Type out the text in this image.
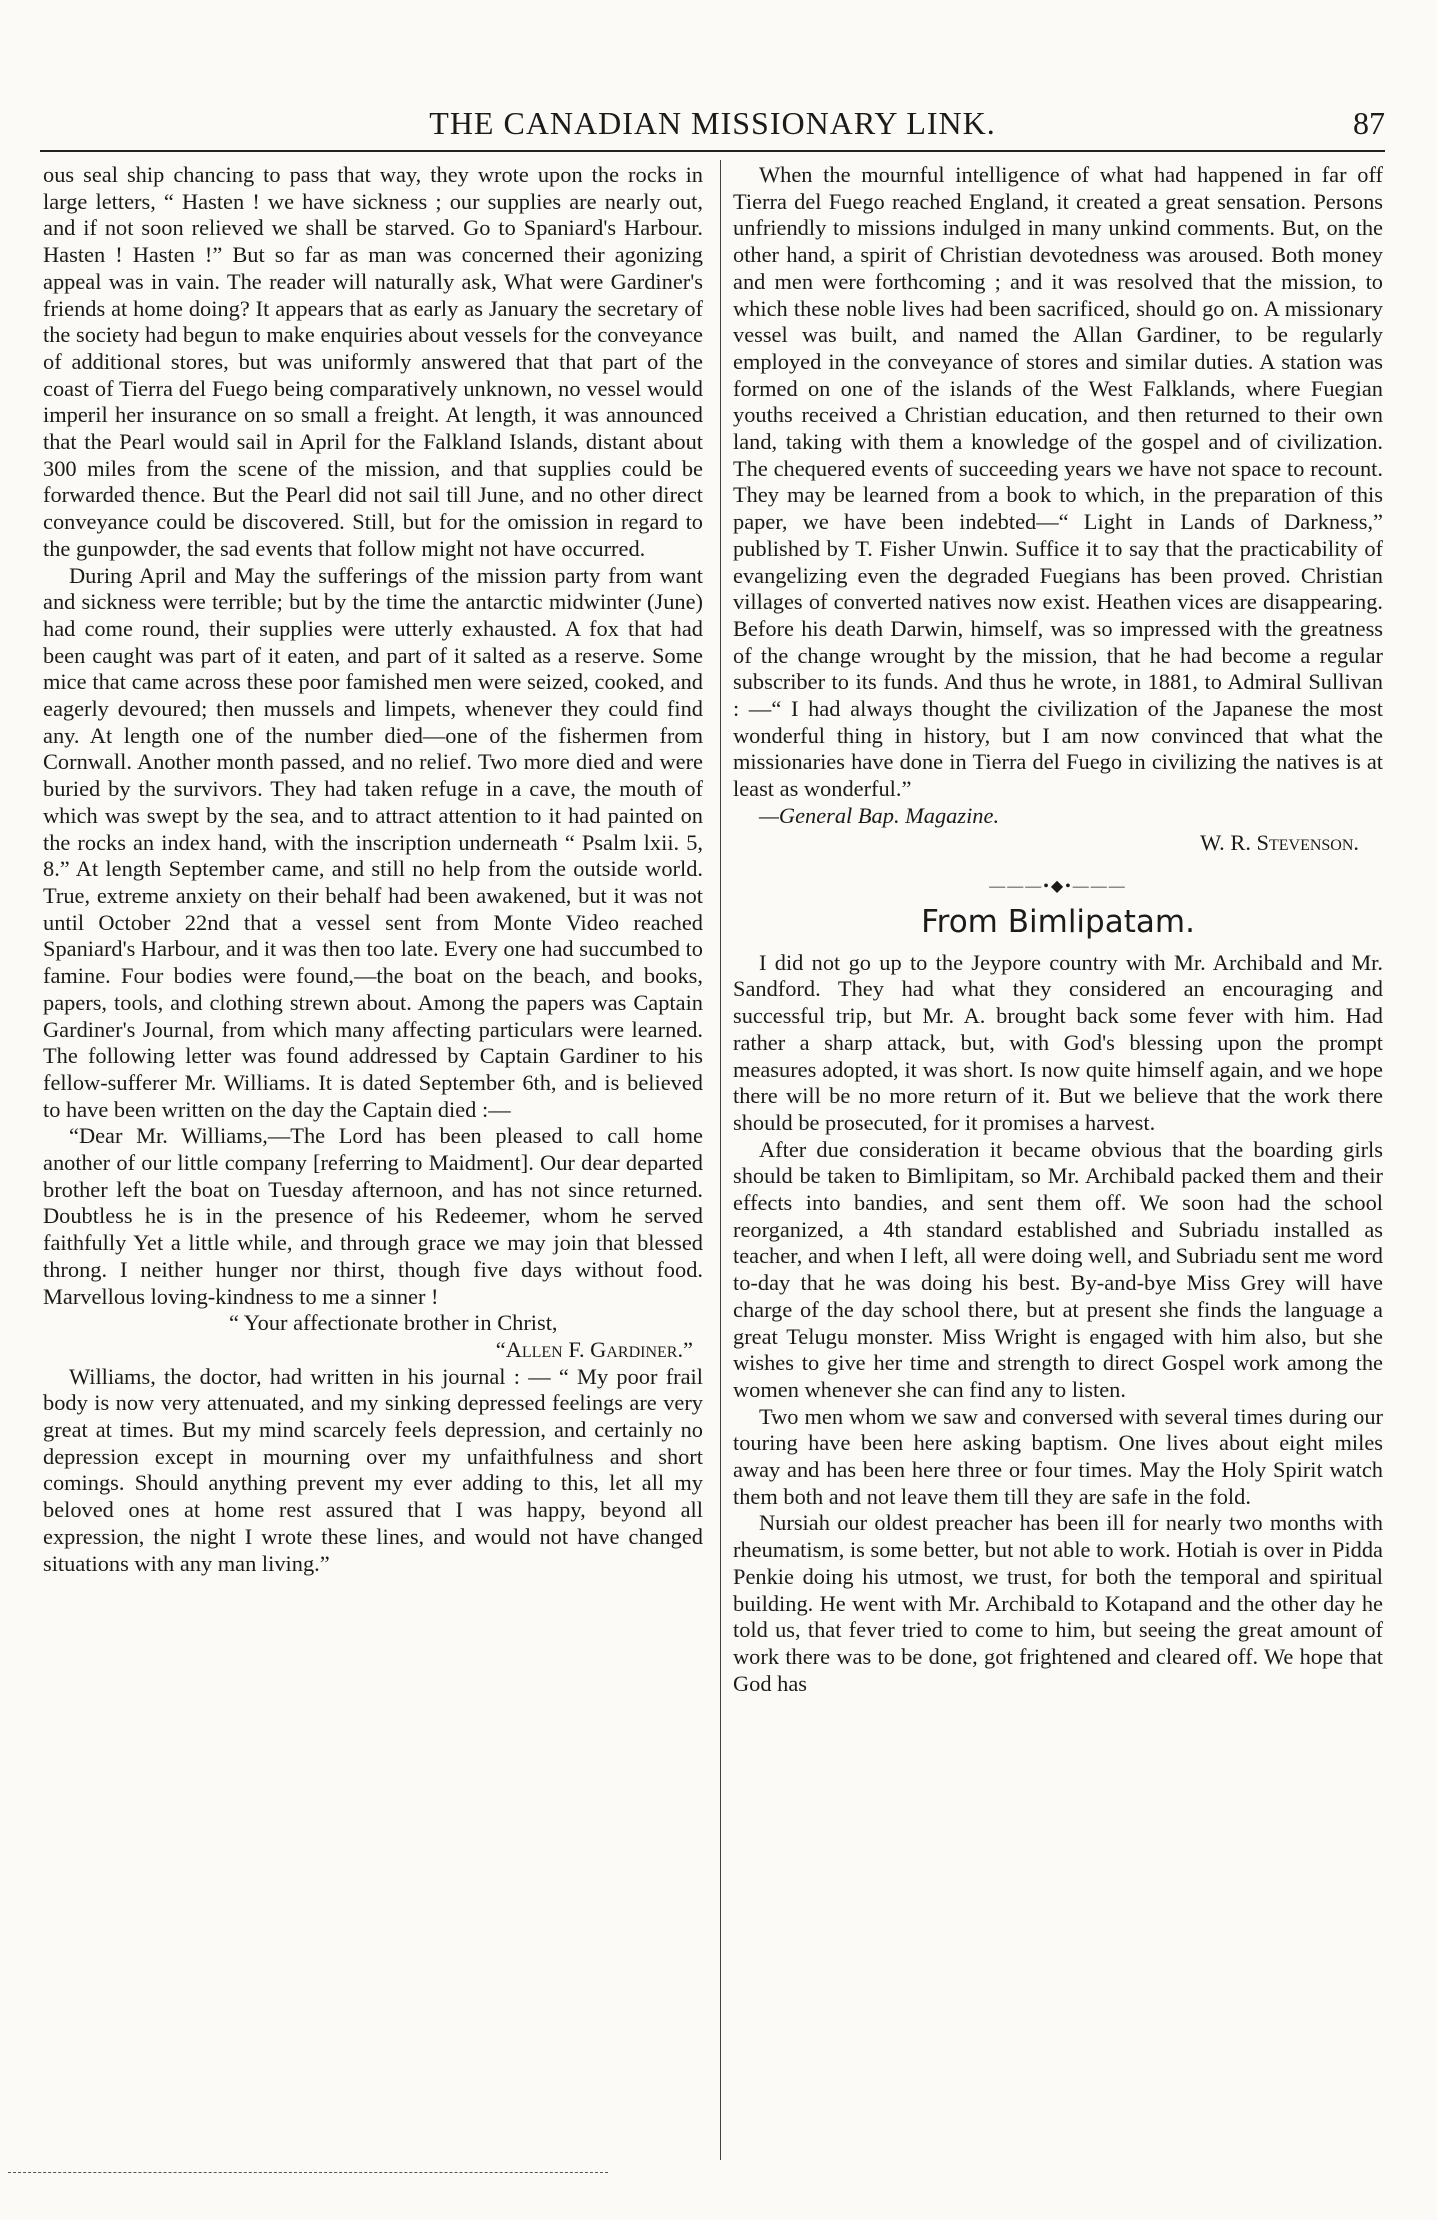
THE CANADIAN MISSIONARY LINK.	87

ous seal ship chancing to pass that way, they wrote upon the rocks in large letters, “ Hasten ! we have sickness ; our supplies are nearly out, and if not soon relieved we shall be starved. Go to Spaniard's Harbour. Hasten ! Hasten !” But so far as man was concerned their agonizing appeal was in vain. The reader will naturally ask, What were Gardiner's friends at home doing? It appears that as early as January the secretary of the society had begun to make enquiries about vessels for the conveyance of additional stores, but was uniformly answered that that part of the coast of Tierra del Fuego being comparatively unknown, no vessel would imperil her insurance on so small a freight. At length, it was announced that the Pearl would sail in April for the Falkland Islands, distant about 300 miles from the scene of the mission, and that supplies could be forwarded thence. But the Pearl did not sail till June, and no other direct conveyance could be discovered. Still, but for the omission in regard to the gunpowder, the sad events that follow might not have occurred.

During April and May the sufferings of the mission party from want and sickness were terrible; but by the time the antarctic midwinter (June) had come round, their supplies were utterly exhausted. A fox that had been caught was part of it eaten, and part of it salted as a reserve. Some mice that came across these poor famished men were seized, cooked, and eagerly devoured; then mussels and limpets, whenever they could find any. At length one of the number died—one of the fishermen from Cornwall. Another month passed, and no relief. Two more died and were buried by the survivors. They had taken refuge in a cave, the mouth of which was swept by the sea, and to attract attention to it had painted on the rocks an index hand, with the inscription underneath “ Psalm lxii. 5, 8.” At length September came, and still no help from the outside world. True, extreme anxiety on their behalf had been awakened, but it was not until October 22nd that a vessel sent from Monte Video reached Spaniard's Harbour, and it was then too late. Every one had succumbed to famine. Four bodies were found,—the boat on the beach, and books, papers, tools, and clothing strewn about. Among the papers was Captain Gardiner's Journal, from which many affecting particulars were learned. The following letter was found addressed by Captain Gardiner to his fellow-sufferer Mr. Williams. It is dated September 6th, and is believed to have been written on the day the Captain died :—

“Dear Mr. Williams,—The Lord has been pleased to call home another of our little company [referring to Maidment]. Our dear departed brother left the boat on Tuesday afternoon, and has not since returned. Doubtless he is in the presence of his Redeemer, whom he served faithfully Yet a little while, and through grace we may join that blessed throng. I neither hunger nor thirst, though five days without food. Marvellous loving-kindness to me a sinner !

“ Your affectionate brother in Christ,

“Allen F. Gardiner.”

Williams, the doctor, had written in his journal : — “ My poor frail body is now very attenuated, and my sinking depressed feelings are very great at times. But my mind scarcely feels depression, and certainly no depression except in mourning over my unfaithfulness and short comings. Should anything prevent my ever adding to this, let all my beloved ones at home rest assured that I was happy, beyond all expression, the night I wrote these lines, and would not have changed situations with any man living.”

When the mournful intelligence of what had happened in far off Tierra del Fuego reached England, it created a great sensation. Persons unfriendly to missions indulged in many unkind comments. But, on the other hand, a spirit of Christian devotedness was aroused. Both money and men were forthcoming ; and it was resolved that the mission, to which these noble lives had been sacrificed, should go on. A missionary vessel was built, and named the Allan Gardiner, to be regularly employed in the conveyance of stores and similar duties. A station was formed on one of the islands of the West Falklands, where Fuegian youths received a Christian education, and then returned to their own land, taking with them a knowledge of the gospel and of civilization. The chequered events of succeeding years we have not space to recount. They may be learned from a book to which, in the preparation of this paper, we have been indebted—“ Light in Lands of Darkness,” published by T. Fisher Unwin. Suffice it to say that the practicability of evangelizing even the degraded Fuegians has been proved. Christian villages of converted natives now exist. Heathen vices are disappearing. Before his death Darwin, himself, was so impressed with the greatness of the change wrought by the mission, that he had become a regular subscriber to its funds. And thus he wrote, in 1881, to Admiral Sullivan : —“ I had always thought the civilization of the Japanese the most wonderful thing in history, but I am now convinced that what the missionaries have done in Tierra del Fuego in civilizing the natives is at least as wonderful.”

—General Bap. Magazine.

W. R. Stevenson.

———•◆•———
From Bimlipatam.

I did not go up to the Jeypore country with Mr. Archibald and Mr. Sandford. They had what they considered an encouraging and successful trip, but Mr. A. brought back some fever with him. Had rather a sharp attack, but, with God's blessing upon the prompt measures adopted, it was short. Is now quite himself again, and we hope there will be no more return of it. But we believe that the work there should be prosecuted, for it promises a harvest.

After due consideration it became obvious that the boarding girls should be taken to Bimlipitam, so Mr. Archibald packed them and their effects into bandies, and sent them off. We soon had the school reorganized, a 4th standard established and Subriadu installed as teacher, and when I left, all were doing well, and Subriadu sent me word to-day that he was doing his best. By-and-bye Miss Grey will have charge of the day school there, but at present she finds the language a great Telugu monster. Miss Wright is engaged with him also, but she wishes to give her time and strength to direct Gospel work among the women whenever she can find any to listen.

Two men whom we saw and conversed with several times during our touring have been here asking baptism. One lives about eight miles away and has been here three or four times. May the Holy Spirit watch them both and not leave them till they are safe in the fold.

Nursiah our oldest preacher has been ill for nearly two months with rheumatism, is some better, but not able to work. Hotiah is over in Pidda Penkie doing his utmost, we trust, for both the temporal and spiritual building. He went with Mr. Archibald to Kotapand and the other day he told us, that fever tried to come to him, but seeing the great amount of work there was to be done, got frightened and cleared off. We hope that God has
